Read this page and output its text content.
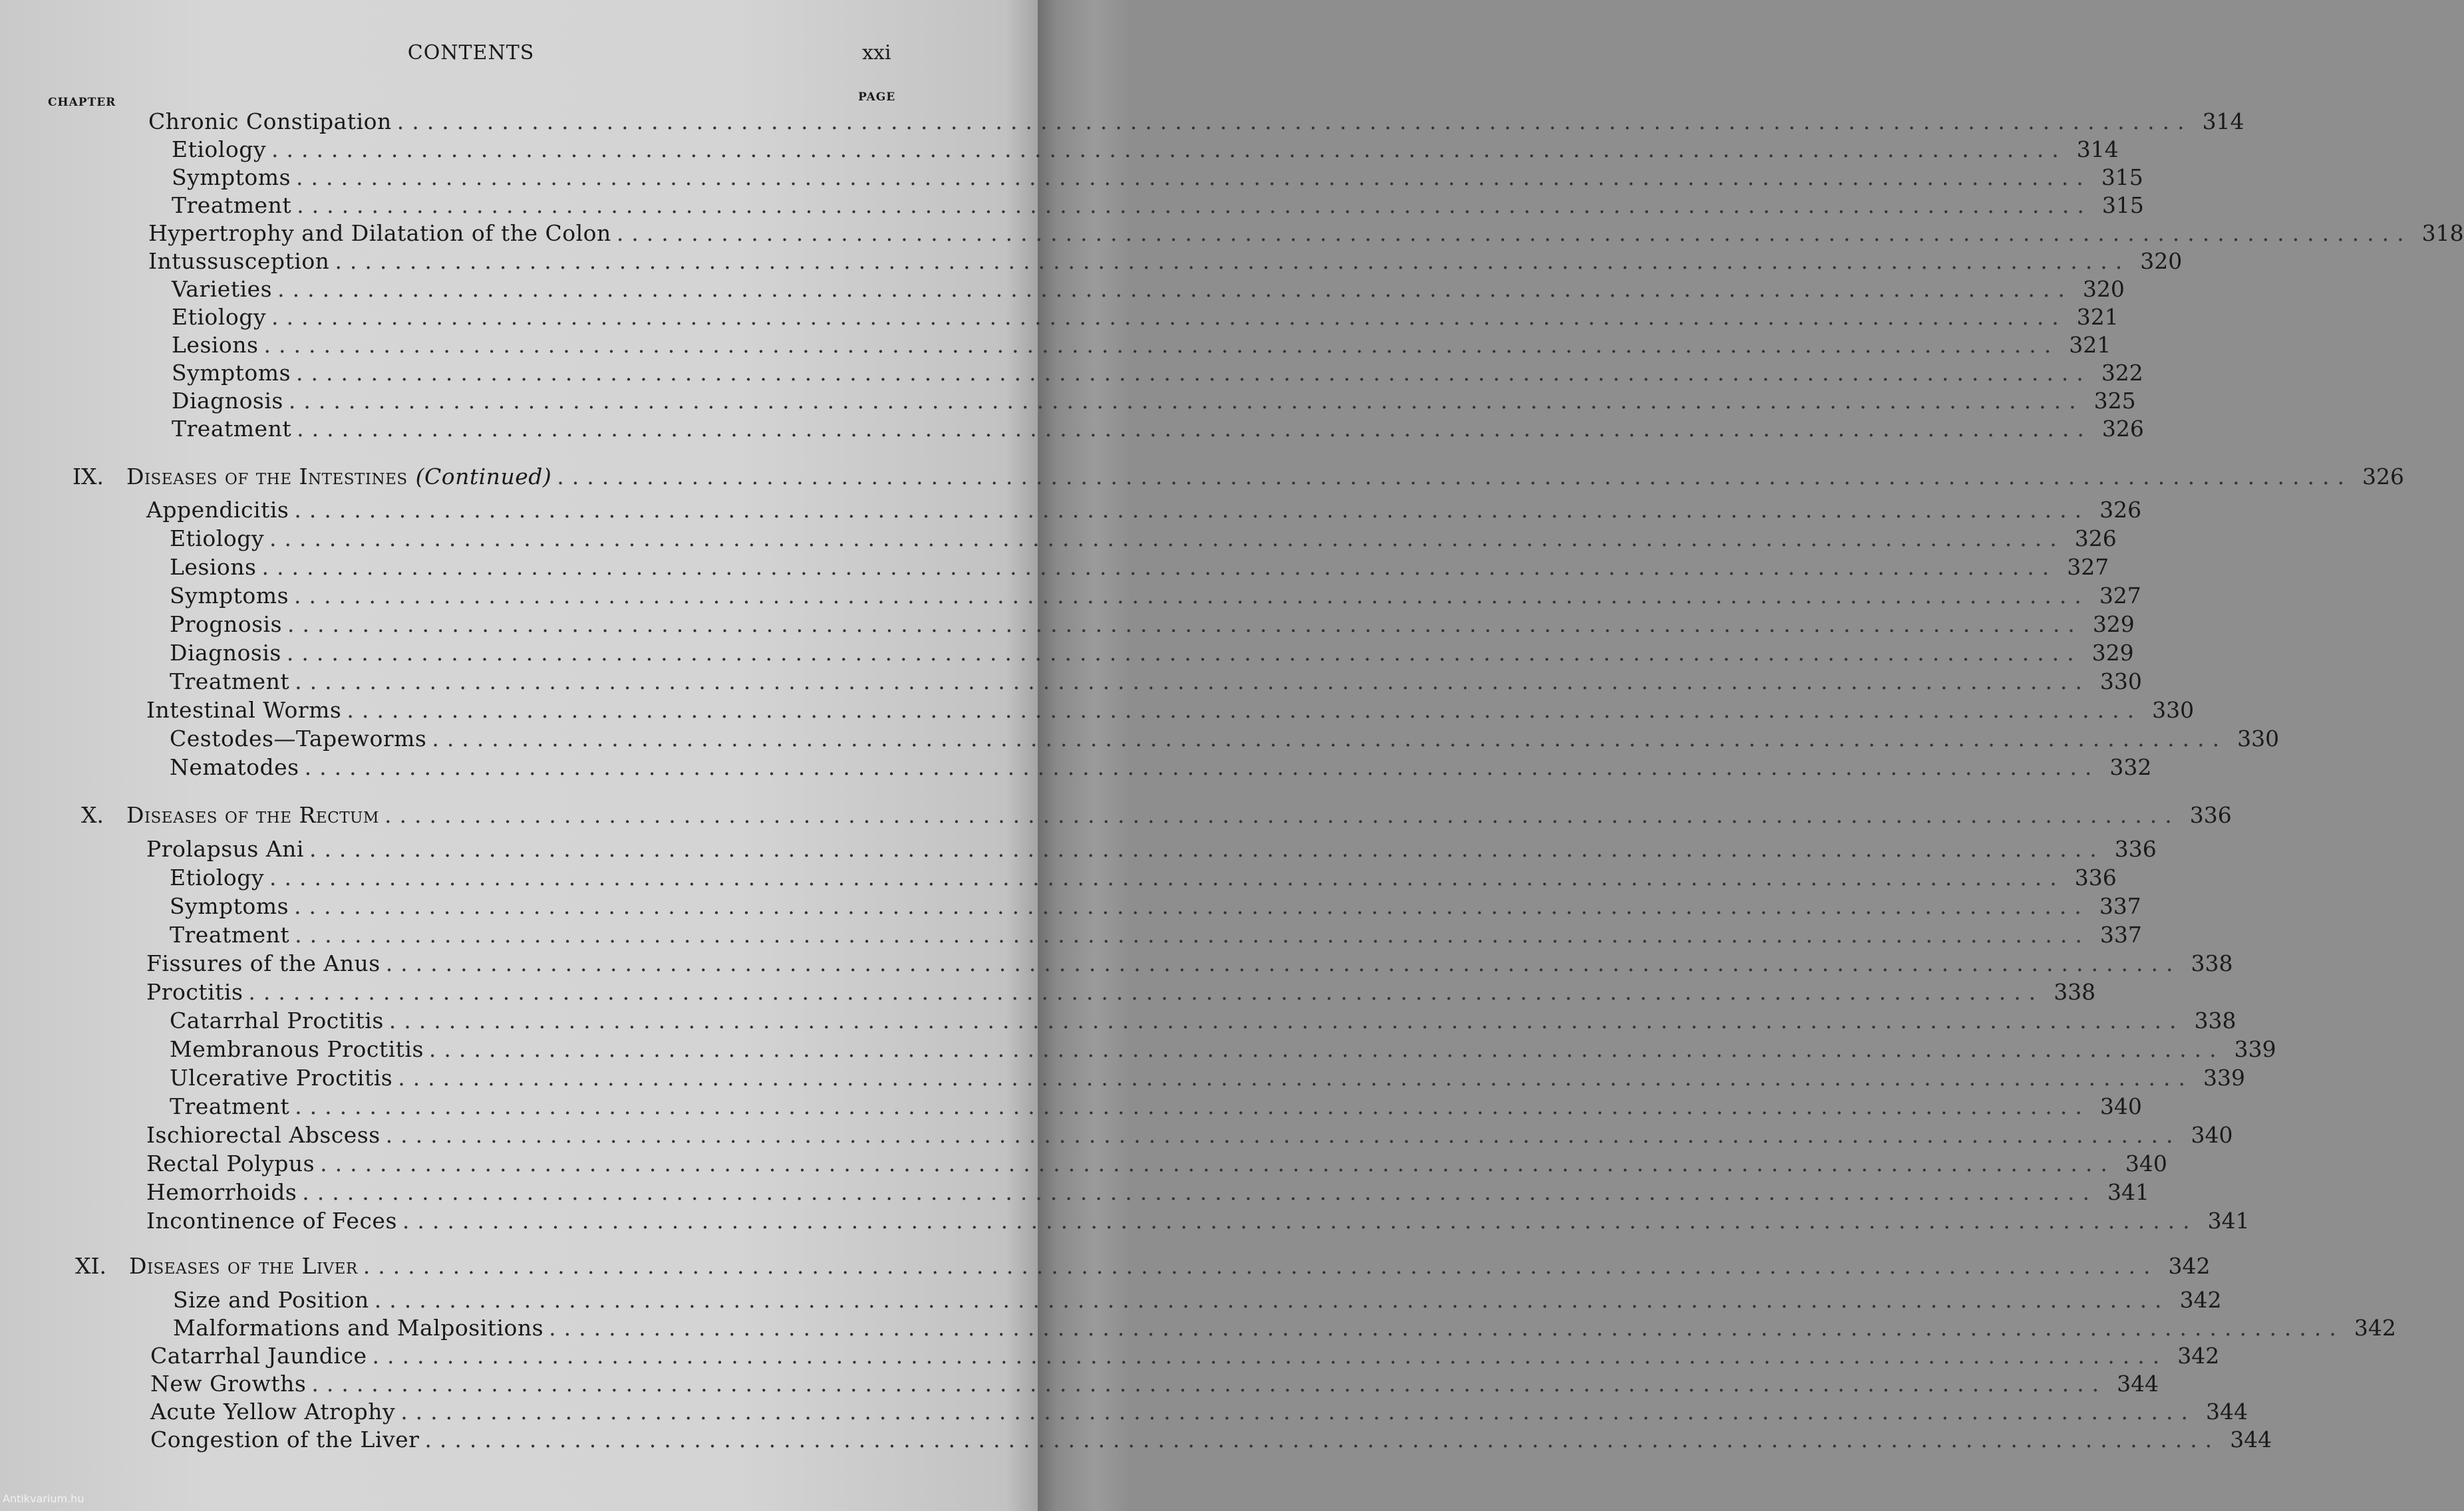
CONTENTS	xxi
CHAPTER	PAGE
Chronic Constipation ........................................................................................................................ 314
Etiology ........................................................................................................................ 314
Symptoms ........................................................................................................................ 315
Treatment ........................................................................................................................ 315
Hypertrophy and Dilatation of the Colon ........................................................................................................................ 318
Intussusception ........................................................................................................................ 320
Varieties ........................................................................................................................ 320
Etiology ........................................................................................................................ 321
Lesions ........................................................................................................................ 321
Symptoms ........................................................................................................................ 322
Diagnosis ........................................................................................................................ 325
Treatment ........................................................................................................................ 326
IX. Diseases of the Intestines (Continued) ........................................................................................................................ 326
Appendicitis ........................................................................................................................ 326
Etiology ........................................................................................................................ 326
Lesions ........................................................................................................................ 327
Symptoms ........................................................................................................................ 327
Prognosis ........................................................................................................................ 329
Diagnosis ........................................................................................................................ 329
Treatment ........................................................................................................................ 330
Intestinal Worms ........................................................................................................................ 330
Cestodes—Tapeworms ........................................................................................................................ 330
Nematodes ........................................................................................................................ 332
X. Diseases of the Rectum ........................................................................................................................ 336
Prolapsus Ani ........................................................................................................................ 336
Etiology ........................................................................................................................ 336
Symptoms ........................................................................................................................ 337
Treatment ........................................................................................................................ 337
Fissures of the Anus ........................................................................................................................ 338
Proctitis ........................................................................................................................ 338
Catarrhal Proctitis ........................................................................................................................ 338
Membranous Proctitis ........................................................................................................................ 339
Ulcerative Proctitis ........................................................................................................................ 339
Treatment ........................................................................................................................ 340
Ischiorectal Abscess ........................................................................................................................ 340
Rectal Polypus ........................................................................................................................ 340
Hemorrhoids ........................................................................................................................ 341
Incontinence of Feces ........................................................................................................................ 341
XI. Diseases of the Liver ........................................................................................................................ 342
Size and Position ........................................................................................................................ 342
Malformations and Malpositions ........................................................................................................................ 342
Catarrhal Jaundice ........................................................................................................................ 342
New Growths ........................................................................................................................ 344
Acute Yellow Atrophy ........................................................................................................................ 344
Congestion of the Liver ........................................................................................................................ 344
Antikvarium.hu
